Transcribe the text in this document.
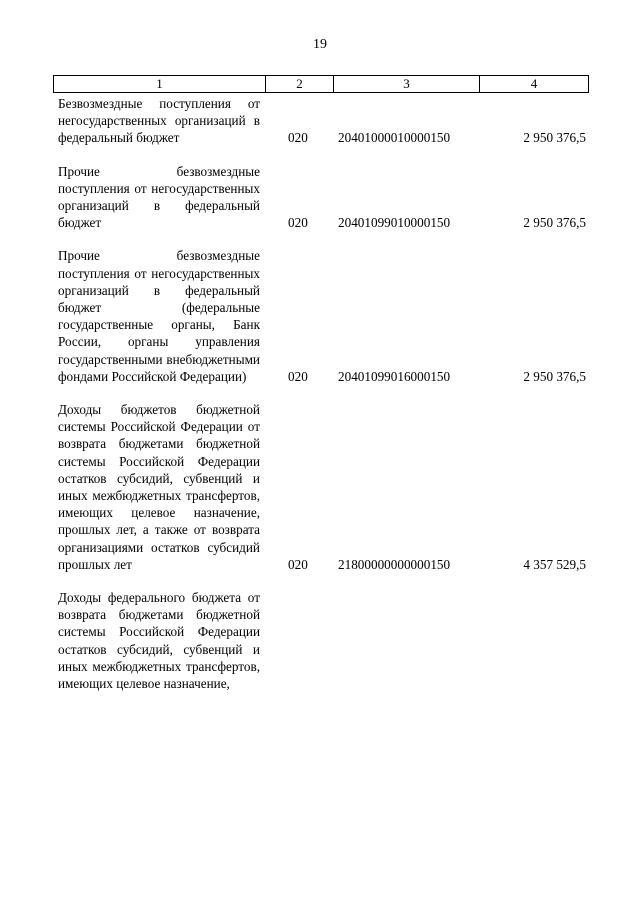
19
1	2	3	4
Безвозмездные поступления от негосударственных организаций в федеральный бюджет	020 20401000010000150	2 950 376,5
Прочие безвозмездные поступления от негосударственных организаций в федеральный бюджет	020 20401099010000150	2 950 376,5
Прочие безвозмездные поступления от негосударственных организаций в федеральный бюджет (федеральные государственные органы, Банк России, органы управления государственными внебюджетными фондами Российской Федерации)	020 20401099016000150	2 950 376,5
Доходы бюджетов бюджетной системы Российской Федерации от возврата бюджетами бюджетной системы Российской Федерации остатков субсидий, субвенций и иных межбюджетных трансфертов, имеющих целевое назначение, прошлых лет, а также от возврата организациями остатков субсидий прошлых лет	020 21800000000000150	4 357 529,5
Доходы федерального бюджета от возврата бюджетами бюджетной системы Российской Федерации остатков субсидий, субвенций и иных межбюджетных трансфертов, имеющих целевое назначение,
